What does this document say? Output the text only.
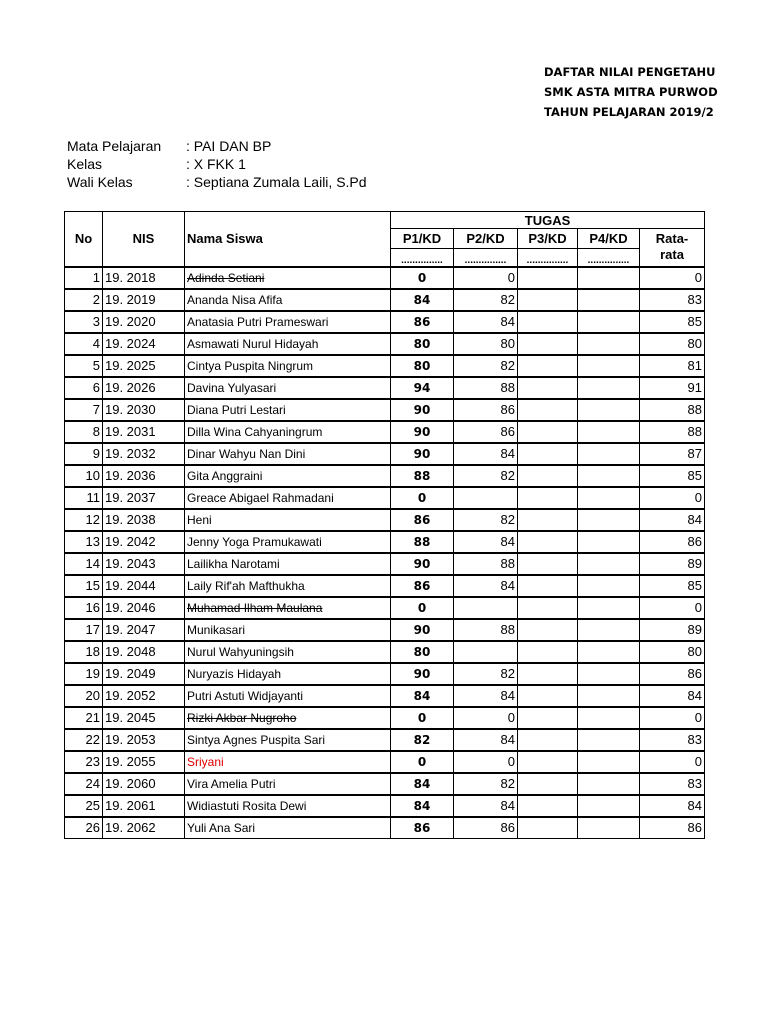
DAFTAR NILAI PENGETAHU
SMK ASTA MITRA PURWOD
TAHUN PELAJARAN 2019/2
Mata Pelajaran	: PAI DAN BP
Kelas	: X FKK 1
Wali Kelas	: Septiana Zumala Laili, S.Pd
No	NIS	Nama Siswa	TUGAS				
			P1/KD	P2/KD	P3/KD	P4/KD	Rata-
rata

			...............	...............	...............	...............	
1	19. 2018	Adinda Setiani	0	0			0
2	19. 2019	Ananda Nisa Afifa	84	82			83
3	19. 2020	Anatasia Putri Prameswari	86	84			85
4	19. 2024	Asmawati Nurul Hidayah	80	80			80
5	19. 2025	Cintya Puspita Ningrum	80	82			81
6	19. 2026	Davina Yulyasari	94	88			91
7	19. 2030	Diana Putri Lestari	90	86			88
8	19. 2031	Dilla Wina Cahyaningrum	90	86			88
9	19. 2032	Dinar Wahyu Nan Dini	90	84			87
10	19. 2036	Gita Anggraini	88	82			85
11	19. 2037	Greace Abigael Rahmadani	0				0
12	19. 2038	Heni	86	82			84
13	19. 2042	Jenny Yoga Pramukawati	88	84			86
14	19. 2043	Lailikha Narotami	90	88			89
15	19. 2044	Laily Rif'ah Mafthukha	86	84			85
16	19. 2046	Muhamad Ilham Maulana	0				0
17	19. 2047	Munikasari	90	88			89
18	19. 2048	Nurul Wahyuningsih	80				80
19	19. 2049	Nuryazis Hidayah	90	82			86
20	19. 2052	Putri Astuti Widjayanti	84	84			84
21	19. 2045	Rizki Akbar Nugroho	0	0			0
22	19. 2053	Sintya Agnes Puspita Sari	82	84			83
23	19. 2055	Sriyani	0	0			0
24	19. 2060	Vira Amelia Putri	84	82			83
25	19. 2061	Widiastuti Rosita Dewi	84	84			84
26	19. 2062	Yuli Ana Sari	86	86			86
